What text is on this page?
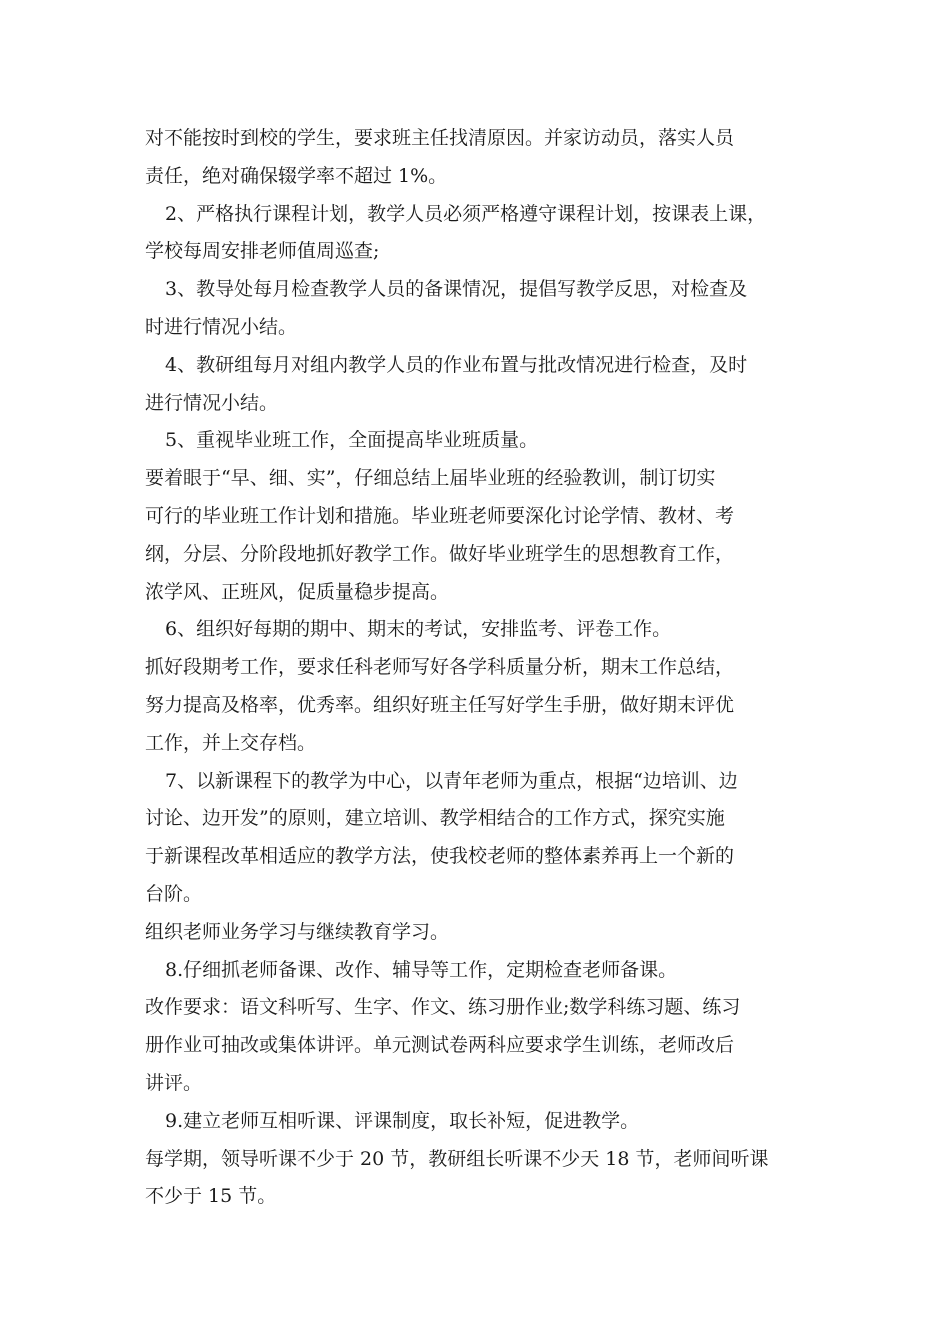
对不能按时到校的学生，要求班主任找清原因。并家访动员，落实人员
责任，绝对确保辍学率不超过 1%。
2、严格执行课程计划，教学人员必须严格遵守课程计划，按课表上课，
学校每周安排老师值周巡查;
3、教导处每月检查教学人员的备课情况，提倡写教学反思，对检查及
时进行情况小结。
4、教研组每月对组内教学人员的作业布置与批改情况进行检查，及时
进行情况小结。
5、重视毕业班工作，全面提高毕业班质量。
要着眼于“早、细、实”，仔细总结上届毕业班的经验教训，制订切实
可行的毕业班工作计划和措施。毕业班老师要深化讨论学情、教材、考
纲，分层、分阶段地抓好教学工作。做好毕业班学生的思想教育工作，
浓学风、正班风，促质量稳步提高。
6、组织好每期的期中、期末的考试，安排监考、评卷工作。
抓好段期考工作，要求任科老师写好各学科质量分析，期末工作总结，
努力提高及格率，优秀率。组织好班主任写好学生手册，做好期末评优
工作，并上交存档。
7、以新课程下的教学为中心，以青年老师为重点，根据“边培训、边
讨论、边开发”的原则，建立培训、教学相结合的工作方式，探究实施
于新课程改革相适应的教学方法，使我校老师的整体素养再上一个新的
台阶。
组织老师业务学习与继续教育学习。
8.仔细抓老师备课、改作、辅导等工作，定期检查老师备课。
改作要求：语文科听写、生字、作文、练习册作业;数学科练习题、练习
册作业可抽改或集体讲评。单元测试卷两科应要求学生训练，老师改后
讲评。
9.建立老师互相听课、评课制度，取长补短，促进教学。
每学期，领导听课不少于 20 节，教研组长听课不少天 18 节，老师间听课
不少于 15 节。
